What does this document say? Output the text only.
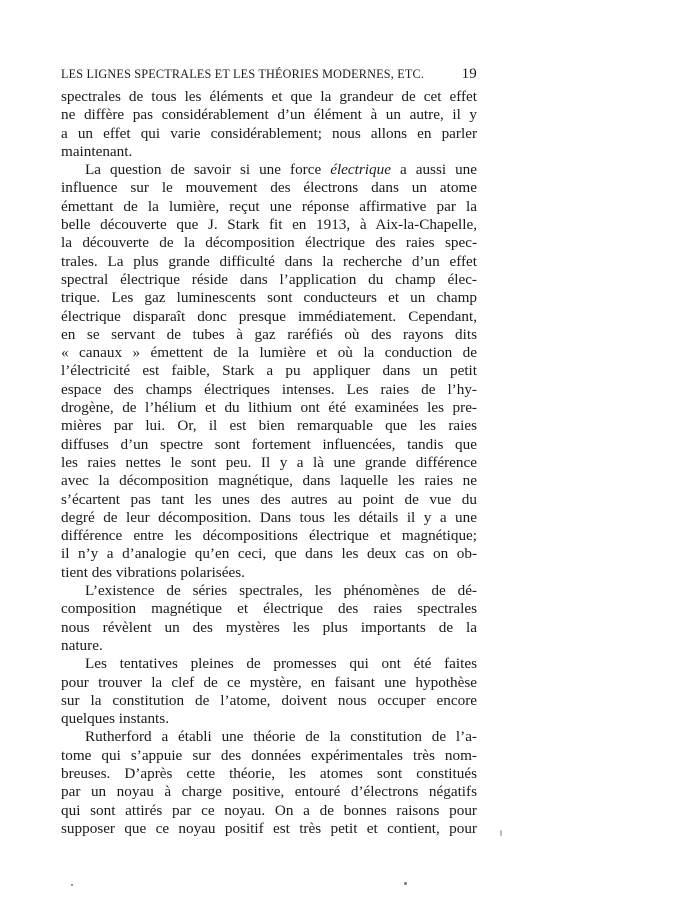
LES LIGNES SPECTRALES ET LES THÉORIES MODERNES, ETC.	19
spectrales de tous les éléments et que la grandeur de cet effet
ne diffère pas considérablement d’un élément à un autre, il y
a un effet qui varie considérablement; nous allons en parler
maintenant.
La question de savoir si une force électrique a aussi une
influence sur le mouvement des électrons dans un atome
émettant de la lumière, reçut une réponse affirmative par la
belle découverte que J. Stark fit en 1913, à Aix-la-Chapelle,
la découverte de la décomposition électrique des raies spec-
trales. La plus grande difficulté dans la recherche d’un effet
spectral électrique réside dans l’application du champ élec-
trique. Les gaz luminescents sont conducteurs et un champ
électrique disparaît donc presque immédiatement. Cependant,
en se servant de tubes à gaz raréfiés où des rayons dits
« canaux » émettent de la lumière et où la conduction de
l’électricité est faible, Stark a pu appliquer dans un petit
espace des champs électriques intenses. Les raies de l’hy-
drogène, de l’hélium et du lithium ont été examinées les pre-
mières par lui. Or, il est bien remarquable que les raies
diffuses d’un spectre sont fortement influencées, tandis que
les raies nettes le sont peu. Il y a là une grande différence
avec la décomposition magnétique, dans laquelle les raies ne
s’écartent pas tant les unes des autres au point de vue du
degré de leur décomposition. Dans tous les détails il y a une
différence entre les décompositions électrique et magnétique;
il n’y a d’analogie qu’en ceci, que dans les deux cas on ob-
tient des vibrations polarisées.
L’existence de séries spectrales, les phénomènes de dé-
composition magnétique et électrique des raies spectrales
nous révèlent un des mystères les plus importants de la
nature.
Les tentatives pleines de promesses qui ont été faites
pour trouver la clef de ce mystère, en faisant une hypothèse
sur la constitution de l’atome, doivent nous occuper encore
quelques instants.
Rutherford a établi une théorie de la constitution de l’a-
tome qui s’appuie sur des données expérimentales très nom-
breuses. D’après cette théorie, les atomes sont constitués
par un noyau à charge positive, entouré d’électrons négatifs
qui sont attirés par ce noyau. On a de bonnes raisons pour
supposer que ce noyau positif est très petit et contient, pour
